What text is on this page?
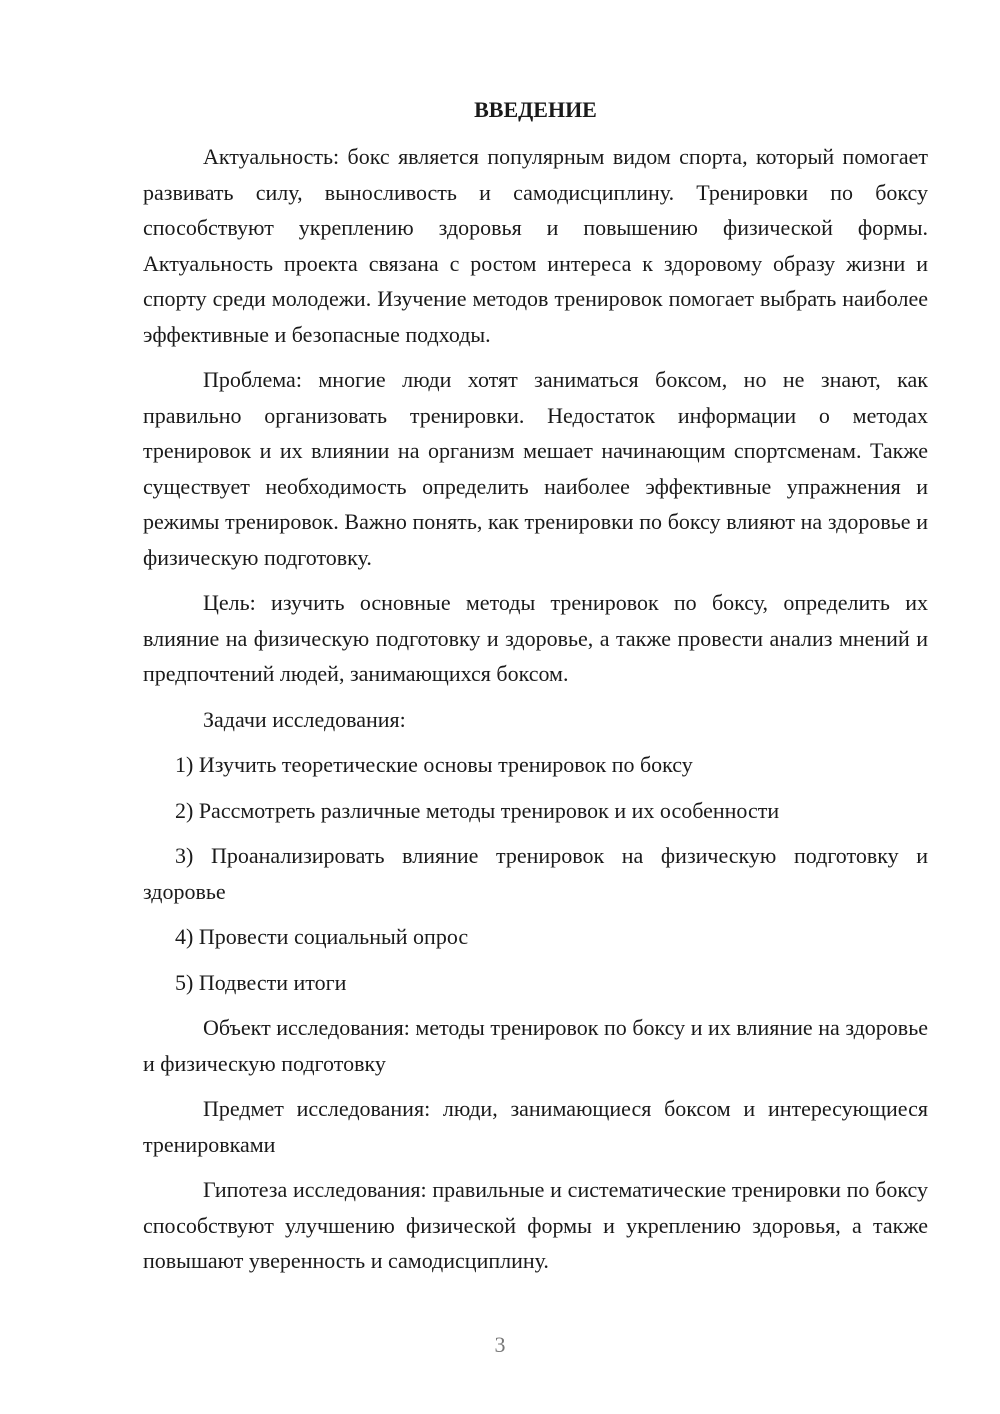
ВВЕДЕНИЕ

Актуальность: бокс является популярным видом спорта, который помогает развивать силу, выносливость и самодисциплину. Тренировки по боксу способствуют укреплению здоровья и повышению физической формы. Актуальность проекта связана с ростом интереса к здоровому образу жизни и спорту среди молодежи. Изучение методов тренировок помогает выбрать наиболее эффективные и безопасные подходы.

Проблема: многие люди хотят заниматься боксом, но не знают, как правильно организовать тренировки. Недостаток информации о методах тренировок и их влиянии на организм мешает начинающим спортсменам. Также существует необходимость определить наиболее эффективные упражнения и режимы тренировок. Важно понять, как тренировки по боксу влияют на здоровье и физическую подготовку.

Цель: изучить основные методы тренировок по боксу, определить их влияние на физическую подготовку и здоровье, а также провести анализ мнений и предпочтений людей, занимающихся боксом.

Задачи исследования:

1) Изучить теоретические основы тренировок по боксу

2) Рассмотреть различные методы тренировок и их особенности

3) Проанализировать влияние тренировок на физическую подготовку и здоровье

4) Провести социальный опрос

5) Подвести итоги

Объект исследования: методы тренировок по боксу и их влияние на здоровье и физическую подготовку

Предмет исследования: люди, занимающиеся боксом и интересующиеся тренировками

Гипотеза исследования: правильные и систематические тренировки по боксу способствуют улучшению физической формы и укреплению здоровья, а также повышают уверенность и самодисциплину.

3
